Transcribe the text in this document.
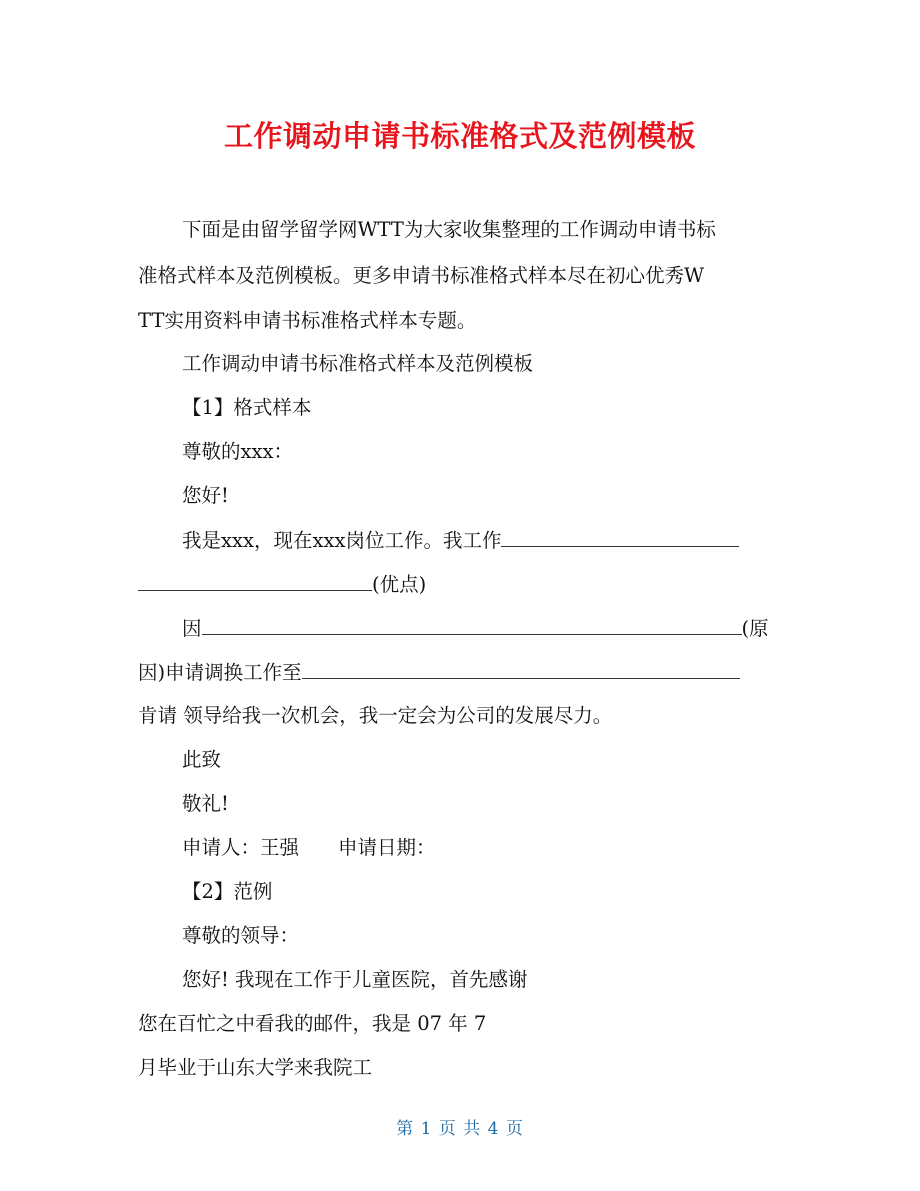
工作调动申请书标准格式及范例模板
下面是由留学留学网WTT为大家收集整理的工作调动申请书标
准格式样本及范例模板。更多申请书标准格式样本尽在初心优秀W
TT实用资料申请书标准格式样本专题。
工作调动申请书标准格式样本及范例模板
【1】格式样本
尊敬的xxx：
您好!
我是xxx，现在xxx岗位工作。我工作
(优点)
因	(原
因)申请调换工作至
肯请 领导给我一次机会，我一定会为公司的发展尽力。
此致
敬礼!
申请人：王强　　申请日期：
【2】范例
尊敬的领导：
您好! 我现在工作于儿童医院，首先感谢
您在百忙之中看我的邮件，我是 07 年 7
月毕业于山东大学来我院工
第 1 页 共 4 页
